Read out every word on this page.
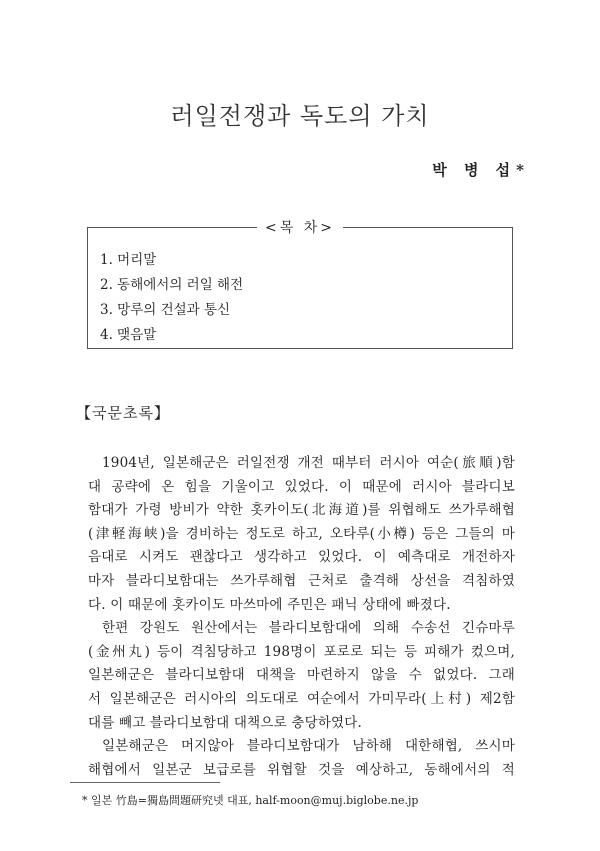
러일전쟁과 독도의 가치
박 병 섭*
<목 차>
1. 머리말
2. 동해에서의 러일 해전
3. 망루의 건설과 통신
4. 맺음말
【국문초록】
1904년, 일본해군은 러일전쟁 개전 때부터 러시아 여순(旅順)함
대 공략에 온 힘을 기울이고 있었다. 이 때문에 러시아 블라디보
함대가 가령 방비가 약한 홋카이도(北海道)를 위협해도 쓰가루해협
(津軽海峡)을 경비하는 정도로 하고, 오타루(小樽) 등은 그들의 마
음대로 시켜도 괜찮다고 생각하고 있었다. 이 예측대로 개전하자
마자 블라디보함대는 쓰가루해협 근처로 출격해 상선을 격침하였
다. 이 때문에 홋카이도 마쓰마에 주민은 패닉 상태에 빠졌다.
한편 강원도 원산에서는 블라디보함대에 의해 수송선 긴슈마루
(金州丸) 등이 격침당하고 198명이 포로로 되는 등 피해가 컸으며,
일본해군은 블라디보함대 대책을 마련하지 않을 수 없었다. 그래
서 일본해군은 러시아의 의도대로 여순에서 가미무라(上村) 제2함
대를 빼고 블라디보함대 대책으로 충당하였다.
일본해군은 머지않아 블라디보함대가 남하해 대한해협, 쓰시마
해협에서 일본군 보급로를 위협할 것을 예상하고, 동해에서의 적
* 일본 竹島=獨島問題研究넷 대표, half-moon@muj.biglobe.ne.jp
